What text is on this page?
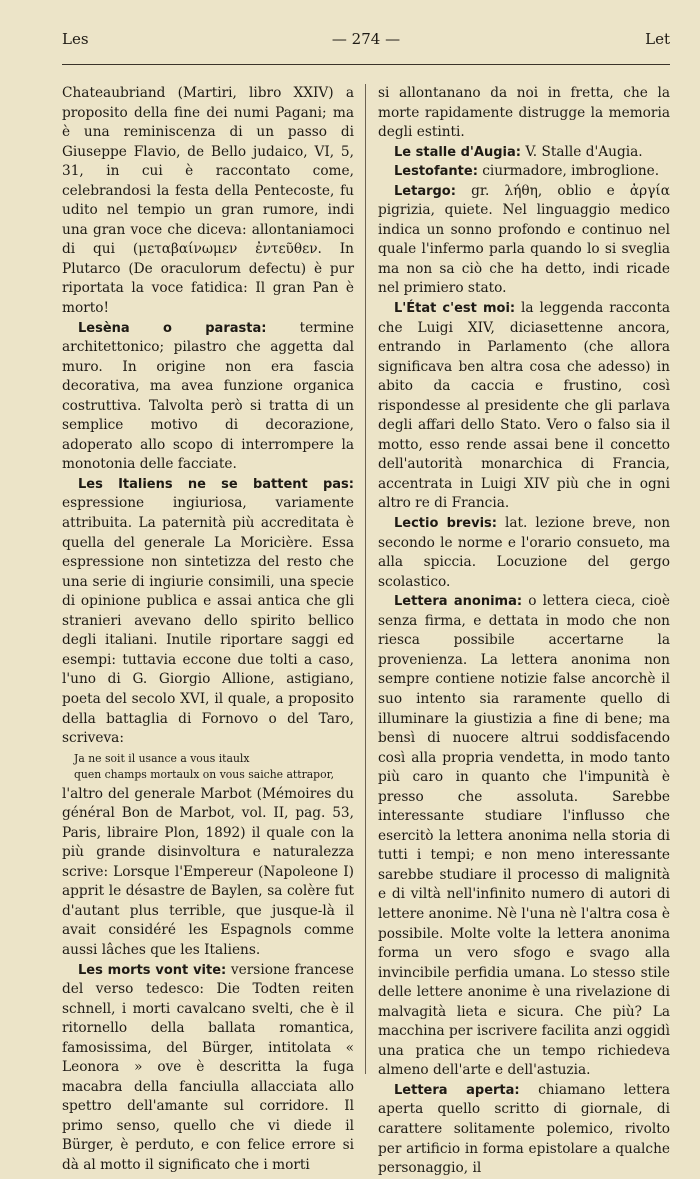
Les	— 274 —	Let

Chateaubriand (Martiri, libro XXIV) a proposito della fine dei numi Pagani; ma è una reminiscenza di un passo di Giuseppe Flavio, de Bello judaico, VI, 5, 31, in cui è raccontato come, celebrandosi la festa della Pentecoste, fu udito nel tempio un gran rumore, indi una gran voce che diceva: allontaniamoci di qui (μεταβαίνωμεν ἐντεῦθεν. In Plutarco (De oraculorum defectu) è pur riportata la voce fatidica: Il gran Pan è morto!

Lesèna o parasta: termine architettonico; pilastro che aggetta dal muro. In origine non era fascia decorativa, ma avea funzione organica costruttiva. Talvolta però si tratta di un semplice motivo di decorazione, adoperato allo scopo di interrompere la monotonia delle facciate.

Les Italiens ne se battent pas: espressione ingiuriosa, variamente attribuita. La paternità più accreditata è quella del generale La Moricière. Essa espressione non sintetizza del resto che una serie di ingiurie consimili, una specie di opinione publica e assai antica che gli stranieri avevano dello spirito bellico degli italiani. Inutile riportare saggi ed esempi: tuttavia eccone due tolti a caso, l'uno di G. Giorgio Allione, astigiano, poeta del secolo XVI, il quale, a proposito della battaglia di Fornovo o del Taro, scriveva:

Ja ne soit il usance a vous itaulx
quen champs mortaulx on vous saiche attrapor,

l'altro del generale Marbot (Mémoires du général Bon de Marbot, vol. II, pag. 53, Paris, libraire Plon, 1892) il quale con la più grande disinvoltura e naturalezza scrive: Lorsque l'Empereur (Napoleone I) apprit le désastre de Baylen, sa colère fut d'autant plus terrible, que jusque-là il avait considéré les Espagnols comme aussi lâches que les Italiens.

Les morts vont vite: versione francese del verso tedesco: Die Todten reiten schnell, i morti cavalcano svelti, che è il ritornello della ballata romantica, famosissima, del Bürger, intitolata « Leonora » ove è descritta la fuga macabra della fanciulla allacciata allo spettro dell'amante sul corridore. Il primo senso, quello che vi diede il Bürger, è perduto, e con felice errore si dà al motto il significato che i morti

si allontanano da noi in fretta, che la morte rapidamente distrugge la memoria degli estinti.

Le stalle d'Augia: V. Stalle d'Augia.

Lestofante: ciurmadore, imbroglione.

Letargo: gr. λήθη, oblio e ἀργία pigrizia, quiete. Nel linguaggio medico indica un sonno profondo e continuo nel quale l'infermo parla quando lo si sveglia ma non sa ciò che ha detto, indi ricade nel primiero stato.

L'État c'est moi: la leggenda racconta che Luigi XIV, diciasettenne ancora, entrando in Parlamento (che allora significava ben altra cosa che adesso) in abito da caccia e frustino, così rispondesse al presidente che gli parlava degli affari dello Stato. Vero o falso sia il motto, esso rende assai bene il concetto dell'autorità monarchica di Francia, accentrata in Luigi XIV più che in ogni altro re di Francia.

Lectio brevis: lat. lezione breve, non secondo le norme e l'orario consueto, ma alla spiccia. Locuzione del gergo scolastico.

Lettera anonima: o lettera cieca, cioè senza firma, e dettata in modo che non riesca possibile accertarne la provenienza. La lettera anonima non sempre contiene notizie false ancorchè il suo intento sia raramente quello di illuminare la giustizia a fine di bene; ma bensì di nuocere altrui soddisfacendo così alla propria vendetta, in modo tanto più caro in quanto che l'impunità è presso che assoluta. Sarebbe interessante studiare l'influsso che esercitò la lettera anonima nella storia di tutti i tempi; e non meno interessante sarebbe studiare il processo di malignità e di viltà nell'infinito numero di autori di lettere anonime. Nè l'una nè l'altra cosa è possibile. Molte volte la lettera anonima forma un vero sfogo e svago alla invincibile perfidia umana. Lo stesso stile delle lettere anonime è una rivelazione di malvagità lieta e sicura. Che più? La macchina per iscrivere facilita anzi oggidì una pratica che un tempo richiedeva almeno dell'arte e dell'astuzia.

Lettera aperta: chiamano lettera aperta quello scritto di giornale, di carattere solitamente polemico, rivolto per artificio in forma epistolare a qualche personaggio, il
